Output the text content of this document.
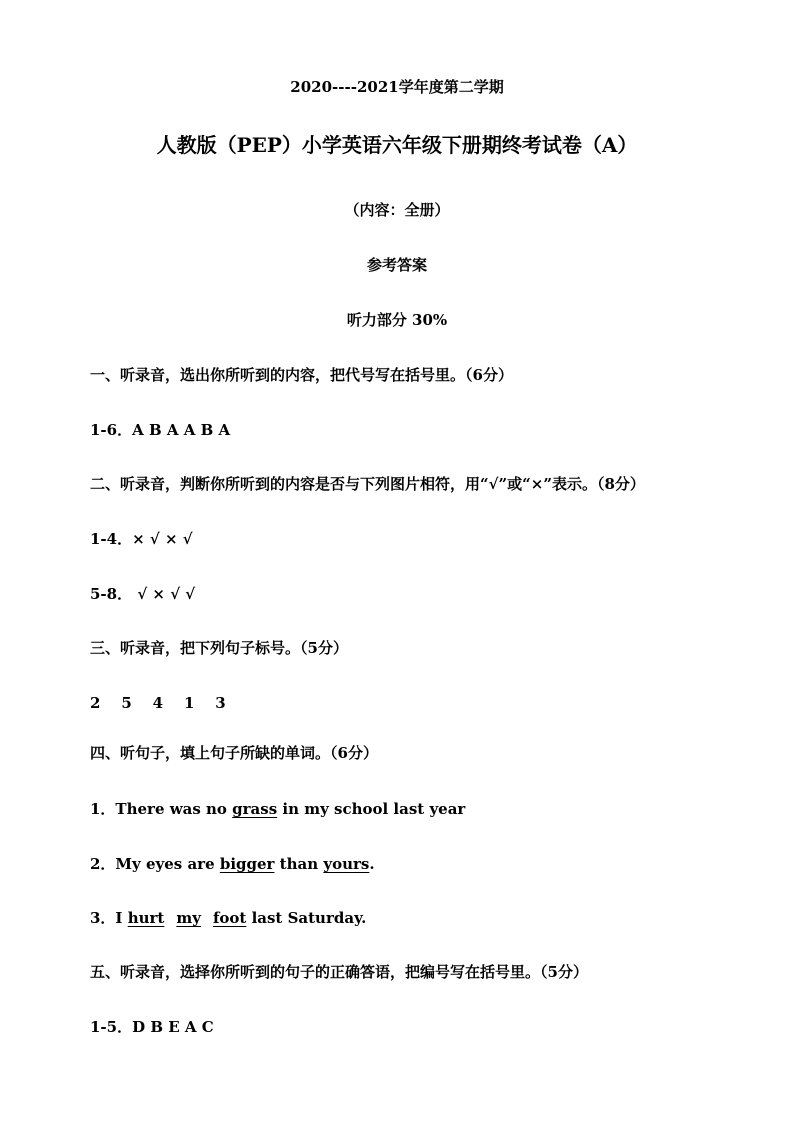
2020----2021学年度第二学期
人教版（PEP）小学英语六年级下册期终考试卷（A）
（内容：全册）
参考答案
听力部分 30%
一、听录音，选出你所听到的内容，把代号写在括号里。（6分）
1-6．A B A A B A
二、听录音，判断你所听到的内容是否与下列图片相符，用“√”或“×”表示。（8分）
1-4．× √ × √
5-8． √ × √ √
三、听录音，把下列句子标号。（5分）
2    5    4    1    3
四、听句子，填上句子所缺的单词。（6分）
1．There was no grass in my school last year
2．My eyes are bigger than yours.
3．I hurt my foot last Saturday.
五、听录音，选择你所听到的句子的正确答语，把编号写在括号里。（5分）
1-5．D B E A C
